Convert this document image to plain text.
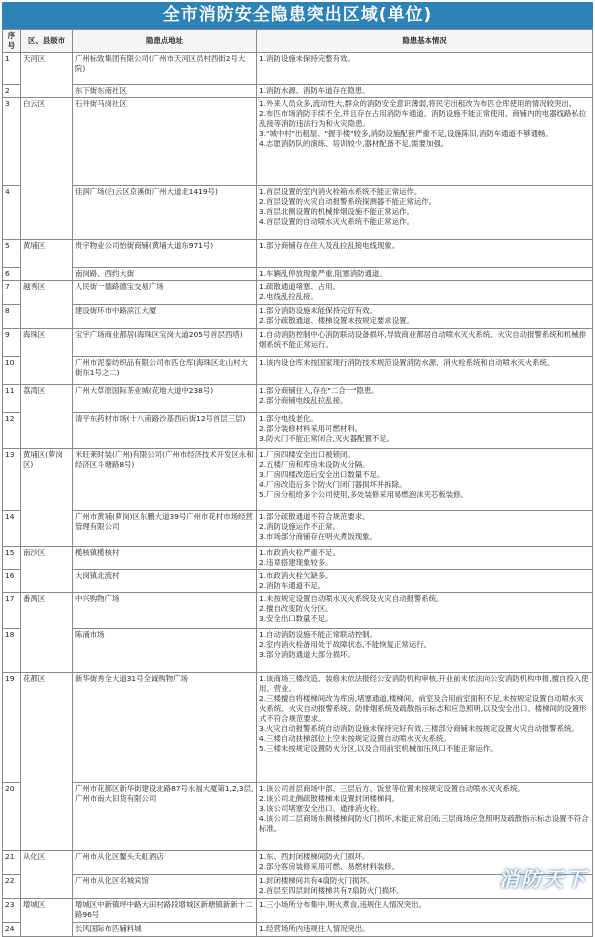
全市消防安全隐患突出区域(单位)
序号	区、县级市	隐患点地址	隐患基本情况
1	天河区	广州标致集团有限公司(广州市天河区员村西街2号大院)	1.消防设施未保持完整有效。

2		东下街东南社区	1.消防水源、消防车道存在隐患。

3	白云区	石井街马岗社区	1.外来人员众多,流动性大,群众的消防安全意识薄弱,将民宅出租改为布匹仓库使用的情况较突出。
2.布匹市场消防手续不全,并且存在占用消防车通道、消防设施不能正常使用、商铺内的电器线路私拉乱接等消防违法行为和火灾隐患。
3."城中村"出租屋、"握手楼"较多,消防设施配套严重不足,设施陈旧,消防车通道不够通畅。
4.志愿消防队的演练、培训较少,器材配备不足,需要加强。

4		佳润广场(白云区京溪街广州大道北1419号)	1.首层设置的室内消火栓箱水系统不能正常运作。
2.首层设置的火灾自动报警系统探测器不能正常运作。
3.首层北侧设置的机械排烟设施不能正常运作。
4.首层设置的自动喷水灭火系统不能正常运作。

5	黄埔区	贵宇物业公司怡街商铺(黄埔大道东971号)	1.部分商铺存在住人及乱拉乱接电线现象。

6		南岗路、西约大街	1.车辆乱停放现象严重,阻塞消防通道。

7	越秀区	人民街一德路德宝交易广场	1.疏散通道堵塞、占用。
2.电线乱拉乱接。

8		建设街环市中路滨江大厦	1.部分消防设施未能保持完好有效。
2.部分疏散通道、楼梯设置未按规定要求设置。

9	海珠区	宝宇广场商业都居(海珠区宝岗大道205号首层西塔)	1.自动消防控制中心消防联动设备损坏,导致商业都居自动喷水灭火系统、火灾自动报警系统和机械排烟系统不能正常运行。

10		广州市泥泰纺织品有限公司布匹仓库(海珠区北山村大街东1号之二)	1.该内设仓库未按国家现行消防技术规范设置消防水源、消火栓系统和自动喷水灭火系统。

11	荔湾区	广州大草原国际茶业城(花地大道中238号)	1.部分商铺住人,存在"二合一"隐患。
2.部分商铺电线乱拉乱接。

12		清平东药材市场(十八甫路沙基西后街12号首层三层)	1.部分电线老化。
2.部分装修材料采用可燃材料。
3.防火门不能正常闭合,灭火器配置不足。

13	黄埔区(萝岗区)	米旺莱时装(广州)有限公司(广州市经济技术开发区永和经济区斗塘路8号)	1.厂房四楼安全出口被锁闭。
2.五楼厂房和库房未设防火分隔。
3.厂房四楼改造后安全出口数量不足。
4.厂房改造后多个防火门闭门器损坏并拆除。
5.厂房分租给多个公司使用,多处装修采用易燃泡沫夹芯板装修。

14		广州市黄埔(萝岗)区东鹏大道39号广州市花村市场经营管理有限公司	1.部分疏散通道不符合规范要求。
2.消防设施运作不正常。
3.市场部分商铺存在明火煮饭现象。

15	南沙区	榄核镇榄核村	1.市政消火栓严重不足。
2.违章搭建现象较多。

16		大岗镇北流村	1.市政消火栓欠缺多。
2.消防车通道不足。

17	番禺区	中兴购物广场	1.未按规定设置自动喷水灭火系统及火灾自动报警系统。
2.擅自改变防火分区。
3.安全出口数量不足。

18		陈涌市场	1.自动消防设施不能正常联动控制。
2.室内消火栓备用处于故障状态,不能恢复正常运行。
3.部分消防通道大部分损坏。

19	花都区	新华街秀全大道31号全诚购物广场	1.该商场三楼改造、装修未依法报经公安消防机构审核,开业前未依法向公安消防机构申报,擅自投入使用、营业。
2.三楼擅自将楼梯间改为库房,堵塞通道,楼梯间、前室及合用前室面积不足,未按规定设置自动喷水灭火系统、火灾自动报警系统、防排烟系统及疏散指示标志和应急照明,以及安全出口、楼梯间的设置形式不符合规范要求。
3.火灾自动报警系统自动消防设施未保持完好有效,三楼部分商铺未按规定设置火灾自动报警系统。
4.三楼自动扶梯部位上空未按规定设置自动喷水灭火系统。
5.三楼未按规定设置防火分区,以及合用前室机械加压风口不能正常运作。

20		广州市花都区新华街建设北路87号永福大厦第1,2,3层,广州市南大旧货有限公司	1.该公司首层商场中部、三层后方、饭堂等位置未按规定设置自动喷水灭火系统。
2.该公司北侧疏散楼梯未设置封闭楼梯间。
3.该公司堵塞安全出口、通排消火栓。
4.该公司二层商场东侧楼梯间防火门损坏,未能正常启闭;三层商场应急照明及疏散指示标志设置不符合标准。

21	从化区	广州市从化区鳌头天虹酒店	1.东、西封闭楼梯间防火门损坏。
2.部分客房装修采用可燃、易燃材料装修。

22		广州市从化区名城宾馆	1.封闭楼梯间共有4扇防火门损坏。
2.首层至四层封闭楼梯共有7扇防火门损坏。

23	增城区	增城区中新镇坪中路大田村路段增城区新塘镇新新十二路96号	1.三小场所分布集中,明火煮食,违规住人情况突出。

24		长风国际布匹辅料城	1.经营场所内违规住人情况突出。
消防天下
